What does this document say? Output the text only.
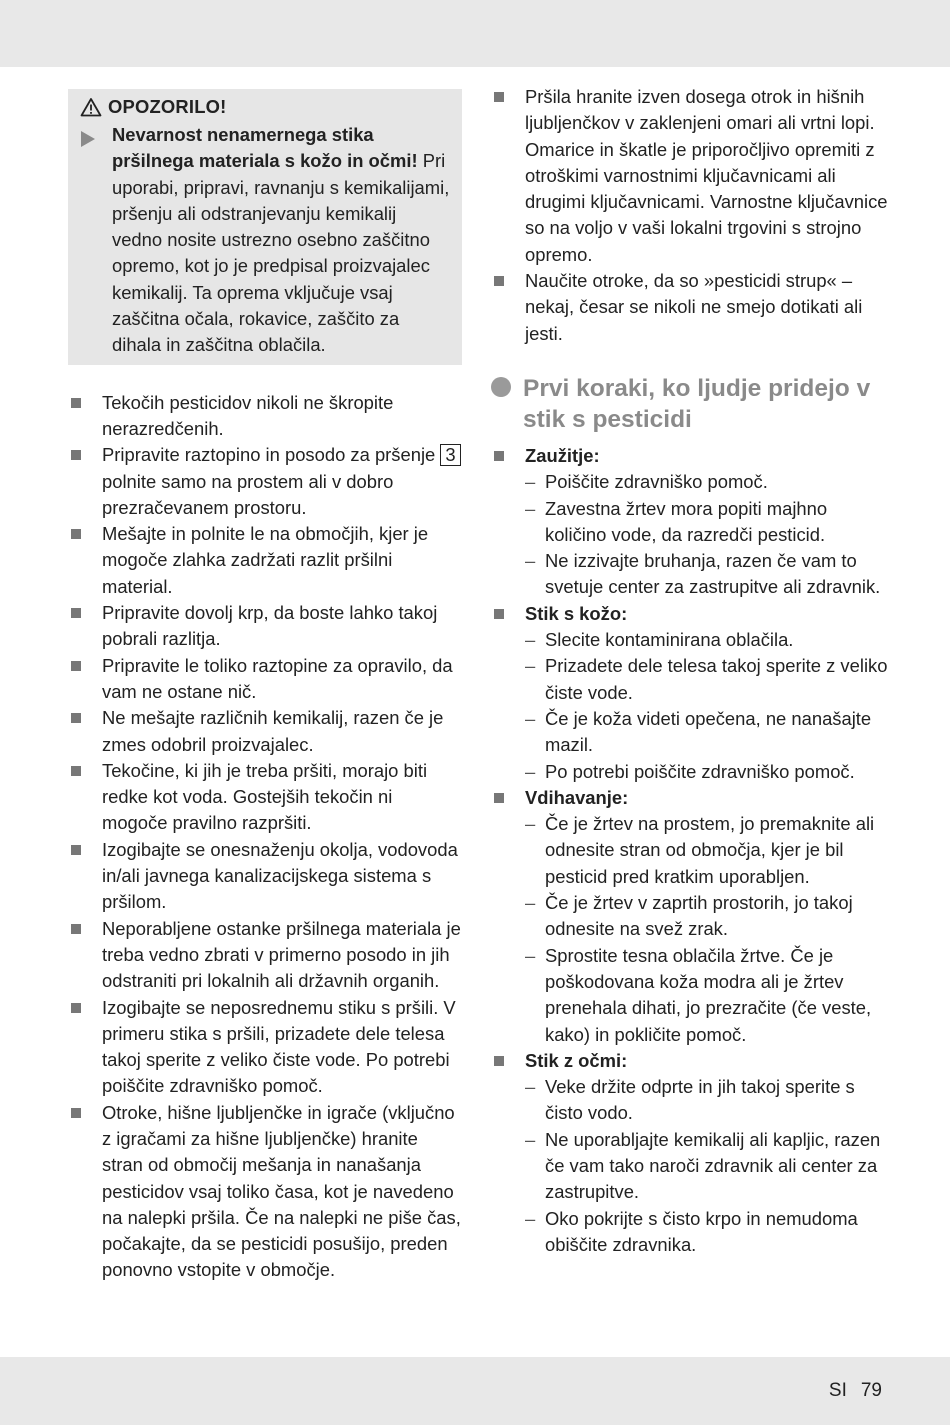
OPOZORILO!
Nevarnost nenamernega stika pršilnega materiala s kožo in očmi! Pri uporabi, pripravi, ravnanju s kemikalijami, pršenju ali odstranjevanju kemikalij vedno nosite ustrezno osebno zaščitno opremo, kot jo je predpisal proizvajalec kemikalij. Ta oprema vključuje vsaj zaščitna očala, rokavice, zaščito za dihala in zaščitna oblačila.
Tekočih pesticidov nikoli ne škropite nerazredčenih.
Pripravite raztopino in posodo za pršenje 3 polnite samo na prostem ali v dobro prezračevanem prostoru.
Mešajte in polnite le na območjih, kjer je mogoče zlahka zadržati razlit pršilni material.
Pripravite dovolj krp, da boste lahko takoj pobrali razlitja.
Pripravite le toliko raztopine za opravilo, da vam ne ostane nič.
Ne mešajte različnih kemikalij, razen če je zmes odobril proizvajalec.
Tekočine, ki jih je treba pršiti, morajo biti redke kot voda. Gostejših tekočin ni mogoče pravilno razpršiti.
Izogibajte se onesnaženju okolja, vodovoda in/ali javnega kanalizacijskega sistema s pršilom.
Neporabljene ostanke pršilnega materiala je treba vedno zbrati v primerno posodo in jih odstraniti pri lokalnih ali državnih organih.
Izogibajte se neposrednemu stiku s pršili. V primeru stika s pršili, prizadete dele telesa takoj sperite z veliko čiste vode. Po potrebi poiščite zdravniško pomoč.
Otroke, hišne ljubljenčke in igrače (vključno z igračami za hišne ljubljenčke) hranite stran od območij mešanja in nanašanja pesticidov vsaj toliko časa, kot je navedeno na nalepki pršila. Če na nalepki ne piše čas, počakajte, da se pesticidi posušijo, preden ponovno vstopite v območje.
Pršila hranite izven dosega otrok in hišnih ljubljenčkov v zaklenjeni omari ali vrtni lopi. Omarice in škatle je priporočljivo opremiti z otroškimi varnostnimi ključavnicami ali drugimi ključavnicami. Varnostne ključavnice so na voljo v vaši lokalni trgovini s strojno opremo.
Naučite otroke, da so »pesticidi strup« – nekaj, česar se nikoli ne smejo dotikati ali jesti.
Prvi koraki, ko ljudje pridejo v stik s pesticidi
Zaužitje:
– Poiščite zdravniško pomoč.
– Zavestna žrtev mora popiti majhno količino vode, da razredči pesticid.
– Ne izzivajte bruhanja, razen če vam to svetuje center za zastrupitve ali zdravnik.
Stik s kožo:
– Slecite kontaminirana oblačila.
– Prizadete dele telesa takoj sperite z veliko čiste vode.
– Če je koža videti opečena, ne nanašajte mazil.
– Po potrebi poiščite zdravniško pomoč.
Vdihavanje:
– Če je žrtev na prostem, jo premaknite ali odnesite stran od območja, kjer je bil pesticid pred kratkim uporabljen.
– Če je žrtev v zaprtih prostorih, jo takoj odnesite na svež zrak.
– Sprostite tesna oblačila žrtve. Če je poškodovana koža modra ali je žrtev prenehala dihati, jo prezračite (če veste, kako) in pokličite pomoč.
Stik z očmi:
– Veke držite odprte in jih takoj sperite s čisto vodo.
– Ne uporabljajte kemikalij ali kapljic, razen če vam tako naroči zdravnik ali center za zastrupitve.
– Oko pokrijte s čisto krpo in nemudoma obiščite zdravnika.
SI 79
